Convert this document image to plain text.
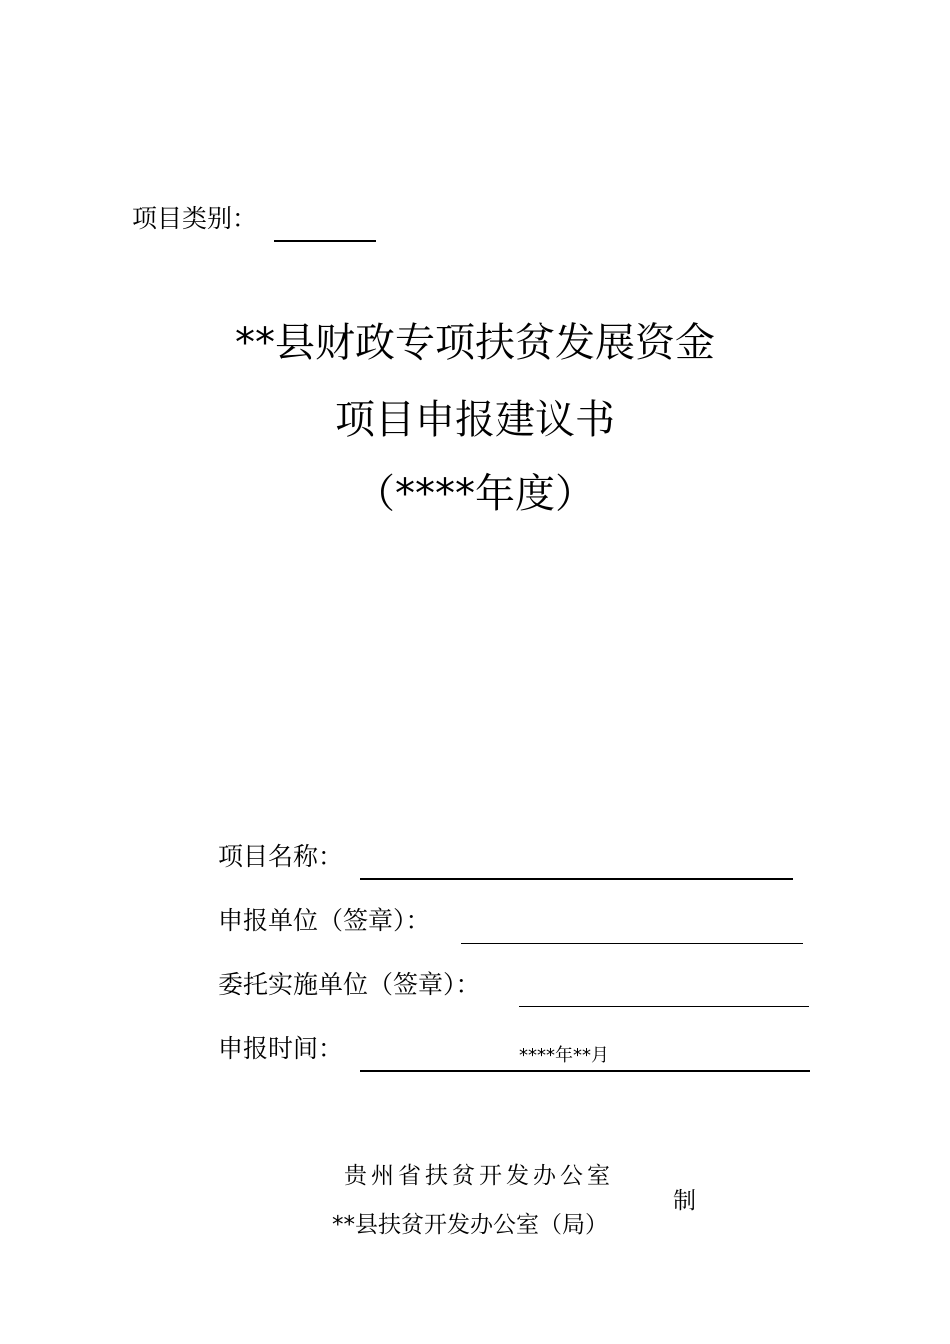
项目类别：
**县财政专项扶贫发展资金
项目申报建议书
（****年度）
项目名称：
申报单位（签章）：
委托实施单位（签章）：
申报时间：	****年**月
贵州省扶贫开发办公室
**县扶贫开发办公室（局）
制
